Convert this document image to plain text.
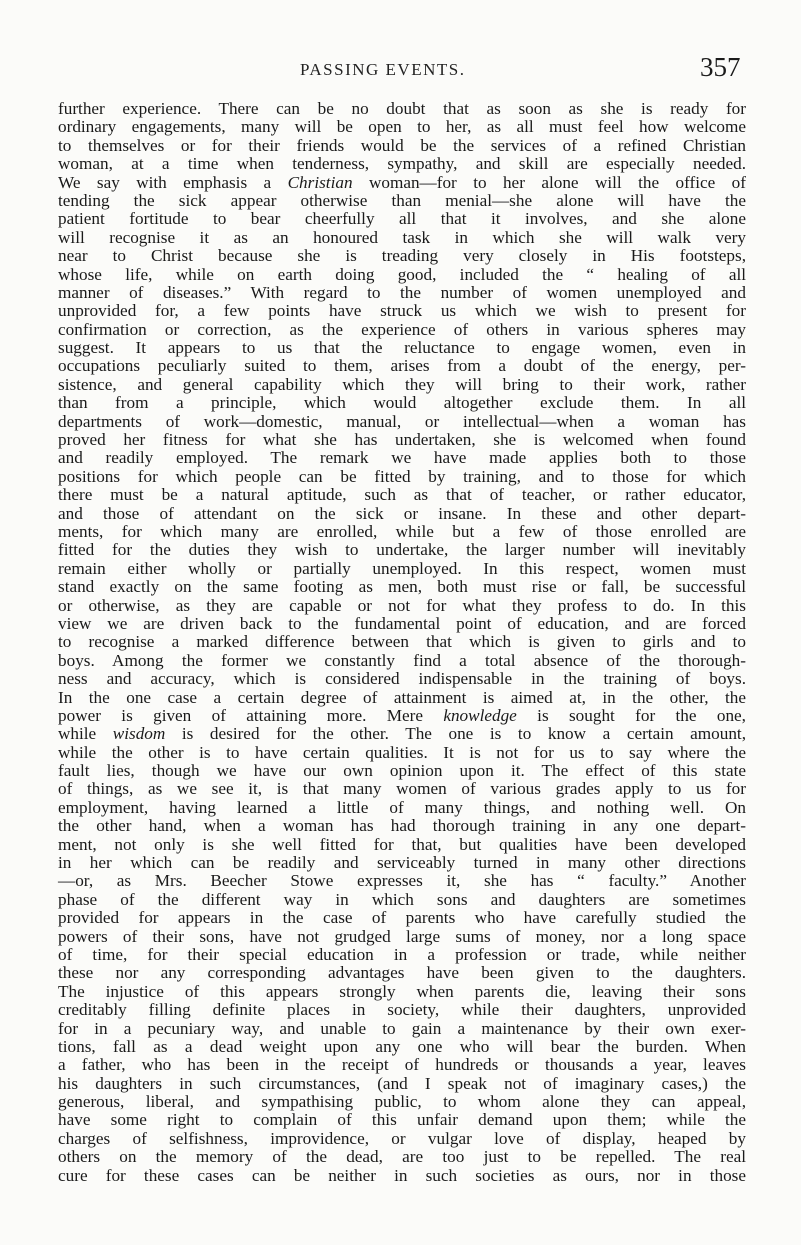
PASSING EVENTS.	357
further experience. There can be no doubt that as soon as she is ready for
ordinary engagements, many will be open to her, as all must feel how welcome
to themselves or for their friends would be the services of a refined Christian
woman, at a time when tenderness, sympathy, and skill are especially needed.
We say with emphasis a Christian woman—for to her alone will the office of
tending the sick appear otherwise than menial—she alone will have the
patient fortitude to bear cheerfully all that it involves, and she alone
will recognise it as an honoured task in which she will walk very
near to Christ because she is treading very closely in His footsteps,
whose life, while on earth doing good, included the “ healing of all
manner of diseases.” With regard to the number of women unemployed and
unprovided for, a few points have struck us which we wish to present for
confirmation or correction, as the experience of others in various spheres may
suggest. It appears to us that the reluctance to engage women, even in
occupations peculiarly suited to them, arises from a doubt of the energy, per-
sistence, and general capability which they will bring to their work, rather
than from a principle, which would altogether exclude them. In all
departments of work—domestic, manual, or intellectual—when a woman has
proved her fitness for what she has undertaken, she is welcomed when found
and readily employed. The remark we have made applies both to those
positions for which people can be fitted by training, and to those for which
there must be a natural aptitude, such as that of teacher, or rather educator,
and those of attendant on the sick or insane. In these and other depart-
ments, for which many are enrolled, while but a few of those enrolled are
fitted for the duties they wish to undertake, the larger number will inevitably
remain either wholly or partially unemployed. In this respect, women must
stand exactly on the same footing as men, both must rise or fall, be successful
or otherwise, as they are capable or not for what they profess to do. In this
view we are driven back to the fundamental point of education, and are forced
to recognise a marked difference between that which is given to girls and to
boys. Among the former we constantly find a total absence of the thorough-
ness and accuracy, which is considered indispensable in the training of boys.
In the one case a certain degree of attainment is aimed at, in the other, the
power is given of attaining more. Mere knowledge is sought for the one,
while wisdom is desired for the other. The one is to know a certain amount,
while the other is to have certain qualities. It is not for us to say where the
fault lies, though we have our own opinion upon it. The effect of this state
of things, as we see it, is that many women of various grades apply to us for
employment, having learned a little of many things, and nothing well. On
the other hand, when a woman has had thorough training in any one depart-
ment, not only is she well fitted for that, but qualities have been developed
in her which can be readily and serviceably turned in many other directions
—or, as Mrs. Beecher Stowe expresses it, she has “ faculty.” Another
phase of the different way in which sons and daughters are sometimes
provided for appears in the case of parents who have carefully studied the
powers of their sons, have not grudged large sums of money, nor a long space
of time, for their special education in a profession or trade, while neither
these nor any corresponding advantages have been given to the daughters.
The injustice of this appears strongly when parents die, leaving their sons
creditably filling definite places in society, while their daughters, unprovided
for in a pecuniary way, and unable to gain a maintenance by their own exer-
tions, fall as a dead weight upon any one who will bear the burden. When
a father, who has been in the receipt of hundreds or thousands a year, leaves
his daughters in such circumstances, (and I speak not of imaginary cases,) the
generous, liberal, and sympathising public, to whom alone they can appeal,
have some right to complain of this unfair demand upon them; while the
charges of selfishness, improvidence, or vulgar love of display, heaped by
others on the memory of the dead, are too just to be repelled. The real
cure for these cases can be neither in such societies as ours, nor in those
